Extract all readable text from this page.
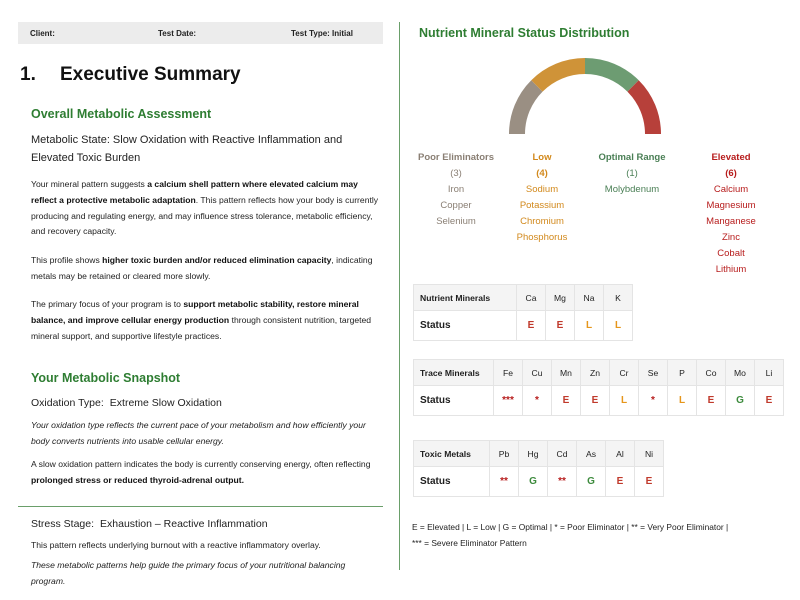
Client:	Test Date:	Test Type: Initial
1. Executive Summary
Overall Metabolic Assessment
Metabolic State: Slow Oxidation with Reactive Inflammation and Elevated Toxic Burden
Your mineral pattern suggests a calcium shell pattern where elevated calcium may reflect a protective metabolic adaptation. This pattern reflects how your body is currently producing and regulating energy, and may influence stress tolerance, metabolic efficiency, and recovery capacity.
This profile shows higher toxic burden and/or reduced elimination capacity, indicating metals may be retained or cleared more slowly.
The primary focus of your program is to support metabolic stability, restore mineral balance, and improve cellular energy production through consistent nutrition, targeted mineral support, and supportive lifestyle practices.
Your Metabolic Snapshot
Oxidation Type: Extreme Slow Oxidation
Your oxidation type reflects the current pace of your metabolism and how efficiently your body converts nutrients into usable cellular energy.
A slow oxidation pattern indicates the body is currently conserving energy, often reflecting prolonged stress or reduced thyroid-adrenal output.
Stress Stage: Exhaustion – Reactive Inflammation
This pattern reflects underlying burnout with a reactive inflammatory overlay.
These metabolic patterns help guide the primary focus of your nutritional balancing program.
Nutrient Mineral Status Distribution
Poor Eliminators
(3)
Iron
Copper
Selenium
Low
(4)
Sodium
Potassium
Chromium
Phosphorus
Optimal Range
(1)
Molybdenum
Elevated
(6)
Calcium
Magnesium
Manganese
Zinc
Cobalt
Lithium
Nutrient Minerals	Ca	Mg	Na	K
Status	E	E	L	L
Trace Minerals	Fe	Cu	Mn	Zn	Cr	Se	P	Co	Mo	Li
Status	***	*	E	E	L	*	L	E	G	E
Toxic Metals	Pb	Hg	Cd	As	Al	Ni
Status	**	G	**	G	E	E
E = Elevated | L = Low | G = Optimal | * = Poor Eliminator | ** = Very Poor Eliminator |
*** = Severe Eliminator Pattern
